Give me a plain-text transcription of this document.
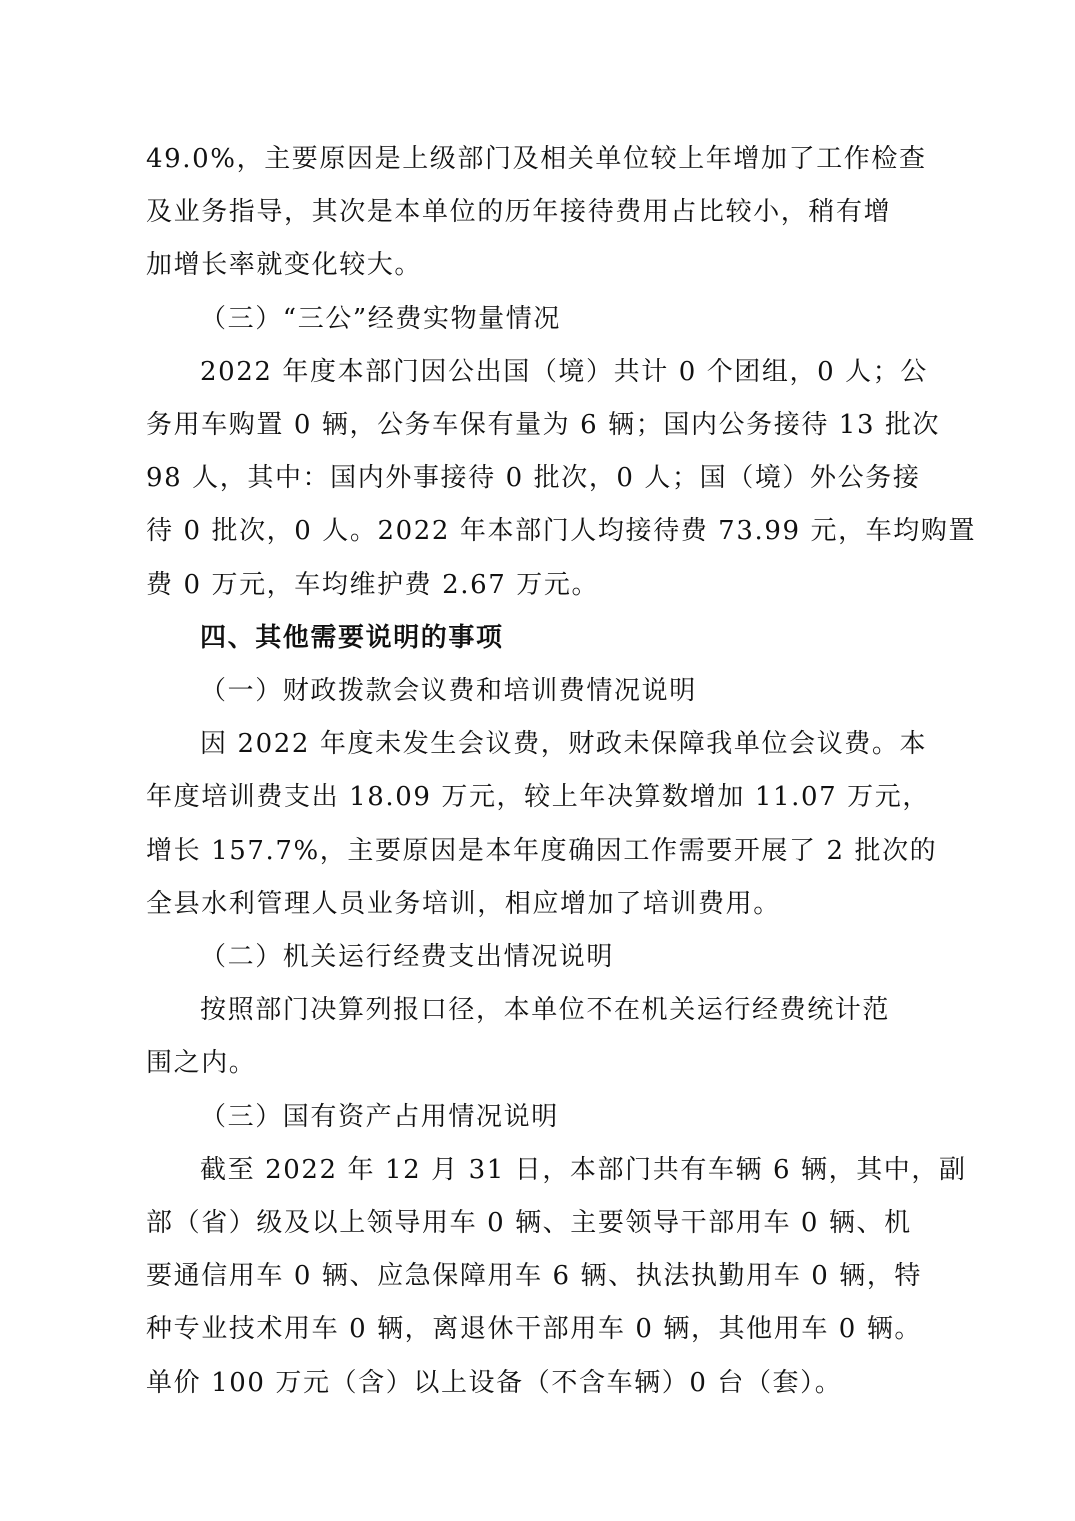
49.0%，主要原因是上级部门及相关单位较上年增加了工作检查
及业务指导，其次是本单位的历年接待费用占比较小，稍有增
加增长率就变化较大。

（三）“三公”经费实物量情况

2022 年度本部门因公出国（境）共计 0 个团组，0 人；公
务用车购置 0 辆，公务车保有量为 6 辆；国内公务接待 13 批次
98 人，其中：国内外事接待 0 批次，0 人；国（境）外公务接
待 0 批次，0 人。2022 年本部门人均接待费 73.99 元，车均购置
费 0 万元，车均维护费 2.67 万元。

四、其他需要说明的事项

（一）财政拨款会议费和培训费情况说明

因 2022 年度未发生会议费，财政未保障我单位会议费。本
年度培训费支出 18.09 万元，较上年决算数增加 11.07 万元，
增长 157.7%，主要原因是本年度确因工作需要开展了 2 批次的
全县水利管理人员业务培训，相应增加了培训费用。

（二）机关运行经费支出情况说明

按照部门决算列报口径，本单位不在机关运行经费统计范
围之内。

（三）国有资产占用情况说明

截至 2022 年 12 月 31 日，本部门共有车辆 6 辆，其中，副
部（省）级及以上领导用车 0 辆、主要领导干部用车 0 辆、机
要通信用车 0 辆、应急保障用车 6 辆、执法执勤用车 0 辆，特
种专业技术用车 0 辆，离退休干部用车 0 辆，其他用车 0 辆。
单价 100 万元（含）以上设备（不含车辆）0 台（套）。
